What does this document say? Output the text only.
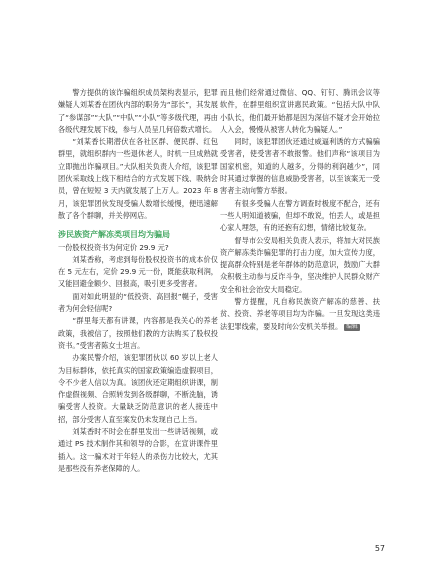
警方提供的该诈骗组织成员架构表显示，犯罪嫌疑人刘某香在团伙内部的职务为“部长”，其发展了“参谋部”“大队”“中队”“小队”等多级代理，再由各级代理发展下线，参与人员呈几何倍数式增长。

“刘某香长期潜伏在各社区群、便民群、红包群里，就组织群内一些退休老人，时机一旦成熟就立即抛出诈骗项目。”大队相关负责人介绍，该犯罪团伙采取线上线下相结合的方式发展下线、吸纳会员，曾在短短 3 天内就发展了上万人。2023 年 8 月，该犯罪团伙发现受骗人数增长缓慢，便迅速解散了各个群聊，并关停网店。

涉民族资产解冻类项目均为骗局

一份股权投资书为何定价 29.9 元?

刘某香称，考虑到每份股权投资书的成本价仅在 5 元左右，定价 29.9 元一份，既能获取利润，又能回避金额少、回报高，吸引更多受害者。

面对如此明显的“低投资、高回报”幌子，受害者为何会轻信呢?

“群里每天都有讲课，内容都是我关心的养老政策，我被信了，按照他们教的方法购买了股权投资书。”受害者陈女士坦言。

办案民警介绍，该犯罪团伙以 60 岁以上老人为目标群体，依托真实的国家政策编造虚假项目，令不少老人信以为真。该团伙还定期组织讲课，制作虚假视频、合照转发到各级群聊，不断洗脑，诱骗受害人投资。大量缺乏防范意识的老人接连中招，部分受害人直至案发仍未发现自己上当。

刘某香时不时会在群里发出一些讲话视频，或通过 PS 技术制作其和领导的合影，在宣讲课件里插入。这一骗术对于年轻人的杀伤力比较大，尤其是那些没有养老保障的人。

而且他们经常通过微信、QQ、钉钉、腾讯会议等软件，在群里组织宣讲惠民政策。“包括大队中队小队长，他们最开始都是因为深信不疑才会开始拉人入会，慢慢从被害人转化为骗疑人。”

同时，该犯罪团伙还通过威逼利诱的方式骗骗受害者，使受害者不敢报警。他们声称“该项目为国家机密，知道的人越多，分得的利润越少”，同时其通过掌握的信息威胁受害者，以至该案无一受害者主动向警方举报。

有很多受骗人在警方调查时极度不配合，还有一些人明知道被骗，但却不敢说，怕丢人，或是担心家人埋怨，有的还抱有幻想，情绪比较复杂。

督导市公安局相关负责人表示，将加大对民族资产解冻类诈骗犯罪的打击力度，加大宣传力度，提高群众特别是老年群体的防范意识，鼓励广大群众积极主动参与反诈斗争，坚决维护人民群众财产安全和社会治安大局稳定。

警方提醒，凡自称民族资产解冻的慈善、扶贫、投资、养老等项目均为诈骗。一旦发现这类违法犯罪线索，要及时向公安机关举报。 编辑

57
